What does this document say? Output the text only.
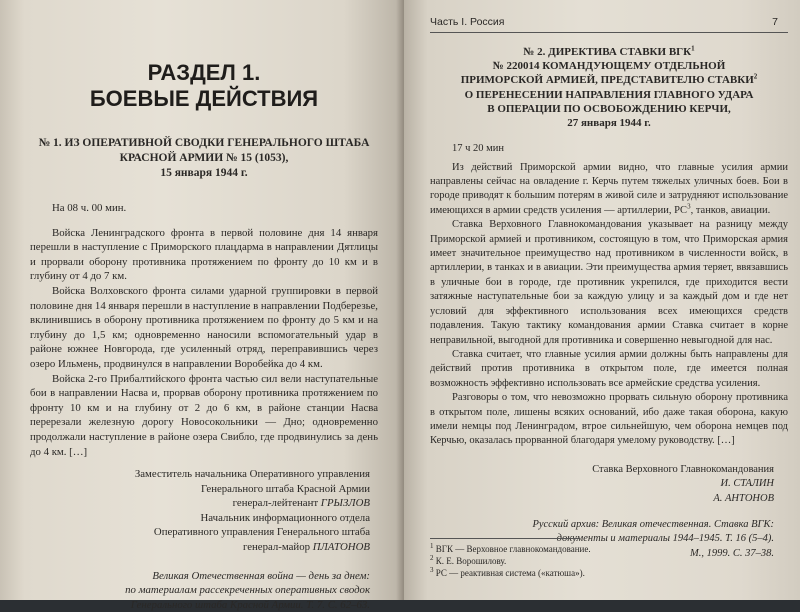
РАЗДЕЛ 1.
БОЕВЫЕ ДЕЙСТВИЯ
№ 1. ИЗ ОПЕРАТИВНОЙ СВОДКИ ГЕНЕРАЛЬНОГО ШТАБА
КРАСНОЙ АРМИИ № 15 (1053),
15 января 1944 г.

На 08 ч. 00 мин.

Войска Ленинградского фронта в первой половине дня 14 января перешли в наступление с Приморского плацдарма в направлении Дятлицы и прорвали оборону противника протяжением по фронту до 10 км и в глубину от 4 до 7 км.

Войска Волховского фронта силами ударной группировки в первой половине дня 14 января перешли в наступление в направлении Подберезье, вклинившись в оборону противника протяжением по фронту до 5 км и на глубину до 1,5 км; одновременно наносили вспомогательный удар в районе южнее Новгорода, где усиленный отряд, переправившись через озеро Ильмень, продвинулся в направлении Воробейка до 4 км.

Войска 2-го Прибалтийского фронта частью сил вели наступательные бои в направлении Насва и, прорвав оборону противника протяжением по фронту 10 км и на глубину от 2 до 6 км, в районе станции Насва перерезали железную дорогу Новосокольники — Дно; одновременно продолжали наступление в районе озера Свибло, где продвинулись за день до 4 км. […]

Заместитель начальника Оперативного управления
Генерального штаба Красной Армии
генерал-лейтенант ГРЫЗЛОВ
Начальник информационного отдела
Оперативного управления Генерального штаба
генерал-майор ПЛАТОНОВ
Великая Отечественная война — день за днем:
по материалам рассекреченных оперативных сводок
Генерального штаба Красной Армии. Т. 7. С. 62–63.
Часть I. Россия	7
№ 2. ДИРЕКТИВА СТАВКИ ВГК$^1$
№ 220014 КОМАНДУЮЩЕМУ ОТДЕЛЬНОЙ
ПРИМОРСКОЙ АРМИЕЙ, ПРЕДСТАВИТЕЛЮ СТАВКИ$^2$
О ПЕРЕНЕСЕНИИ НАПРАВЛЕНИЯ ГЛАВНОГО УДАРА
В ОПЕРАЦИИ ПО ОСВОБОЖДЕНИЮ КЕРЧИ,
27 января 1944 г.

17 ч 20 мин

Из действий Приморской армии видно, что главные усилия армии направлены сейчас на овладение г. Керчь путем тяжелых уличных боев. Бои в городе приводят к большим потерям в живой силе и затрудняют использование имеющихся в армии средств усиления — артиллерии, $РС^3$, танков, авиации.

Ставка Верховного Главнокомандования указывает на разницу между Приморской армией и противником, состоящую в том, что Приморская армия имеет значительное преимущество над противником в численности войск, в артиллерии, в танках и в авиации. Эти преимущества армия теряет, ввязавшись в уличные бои в городе, где противник укрепился, где приходится вести затяжные наступательные бои за каждую улицу и за каждый дом и где нет условий для эффективного использования всех имеющихся средств подавления. Такую тактику командования армии Ставка считает в корне неправильной, выгодной для противника и совершенно невыгодной для нас.

Ставка считает, что главные усилия армии должны быть направлены для действий против противника в открытом поле, где имеется полная возможность эффективно использовать все армейские средства усиления.

Разговоры о том, что невозможно прорвать сильную оборону противника в открытом поле, лишены всяких оснований, ибо даже такая оборона, какую имели немцы под Ленинградом, втрое сильнейшую, чем оборона немцев под Керчью, оказалась прорванной благодаря умелому руководству. […]

Ставка Верховного Главнокомандования
И. СТАЛИН
А. АНТОНОВ
Русский архив: Великая отечественная. Ставка ВГК:
документы и материалы 1944–1945. Т. 16 (5–4).
М., 1999. С. 37–38.
$^1$ ВГК — Верховное главнокомандование.
$^2$ К. Е. Ворошилову.
$^3$ РС — реактивная система («катюша»).
